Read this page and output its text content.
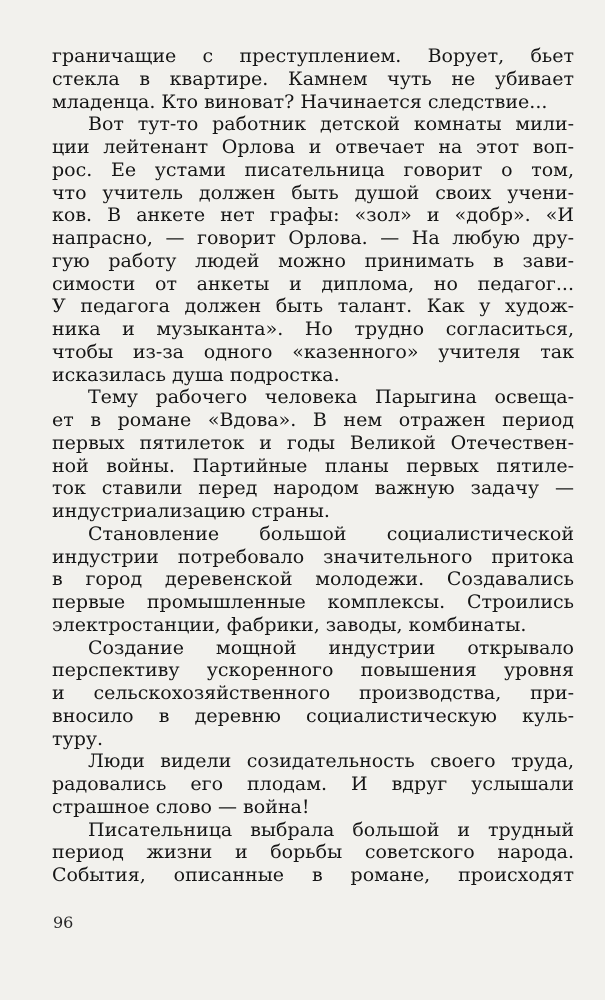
граничащие с преступлением. Ворует, бьет
стекла в квартире. Камнем чуть не убивает
младенца. Кто виноват? Начинается следствие...
Вот тут-то работник детской комнаты мили-
ции лейтенант Орлова и отвечает на этот воп-
рос. Ее устами писательница говорит о том,
что учитель должен быть душой своих учени-
ков. В анкете нет графы: «зол» и «добр». «И
напрасно, — говорит Орлова. — На любую дру-
гую работу людей можно принимать в зави-
симости от анкеты и диплома, но педагог...
У педагога должен быть талант. Как у худож-
ника и музыканта». Но трудно согласиться,
чтобы из-за одного «казенного» учителя так
исказилась душа подростка.
Тему рабочего человека Парыгина освеща-
ет в романе «Вдова». В нем отражен период
первых пятилеток и годы Великой Отечествен-
ной войны. Партийные планы первых пятиле-
ток ставили перед народом важную задачу —
индустриализацию страны.
Становление большой социалистической
индустрии потребовало значительного притока
в город деревенской молодежи. Создавались
первые промышленные комплексы. Строились
электростанции, фабрики, заводы, комбинаты.
Создание мощной индустрии открывало
перспективу ускоренного повышения уровня
и сельскохозяйственного производства, при-
вносило в деревню социалистическую куль-
туру.
Люди видели созидательность своего труда,
радовались его плодам. И вдруг услышали
страшное слово — война!
Писательница выбрала большой и трудный
период жизни и борьбы советского народа.
События, описанные в романе, происходят
96
